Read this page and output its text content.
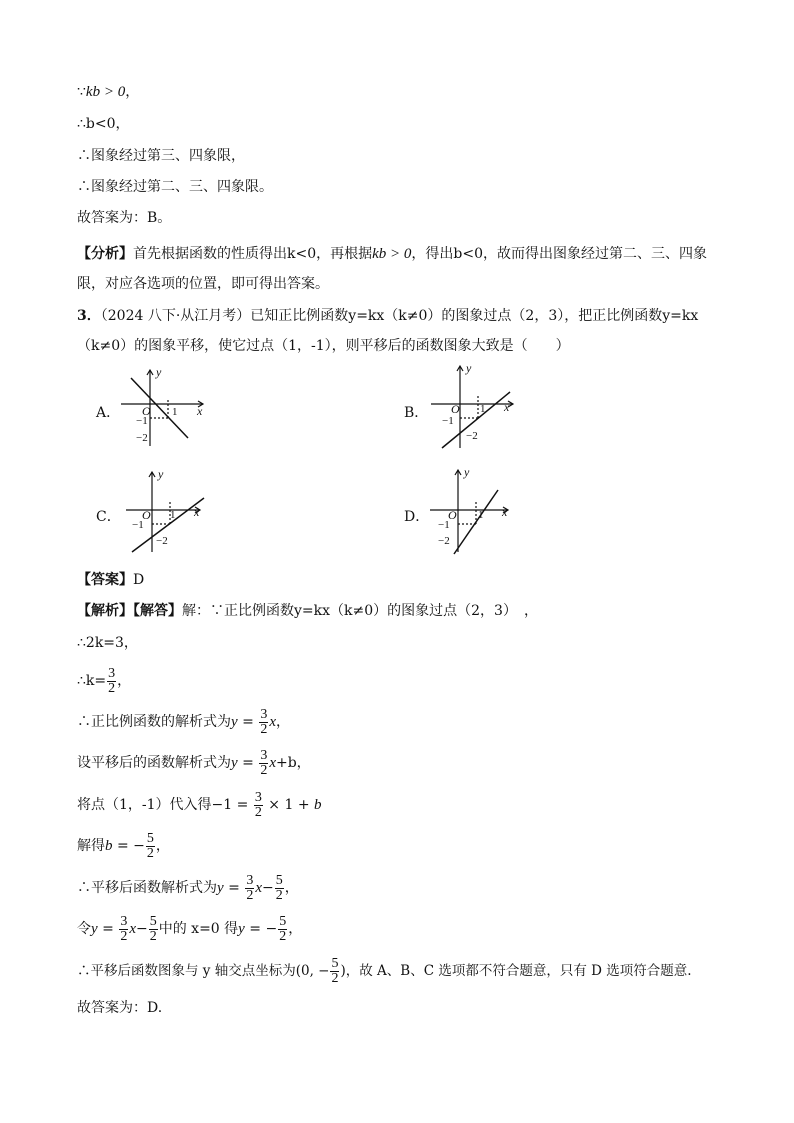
∵kb > 0，
∴b<0，
∴图象经过第三、四象限，
∴图象经过第二、三、四象限。
故答案为：B。
【分析】首先根据函数的性质得出k<0，再根据kb > 0，得出b<0，故而得出图象经过第二、三、四象限，对应各选项的位置，即可得出答案。
3．（2024 八下·从江月考）已知正比例函数y=kx（k≠0）的图象过点（2，3），把正比例函数y=kx（k≠0）的图象平移，使它过点（1，-1），则平移后的函数图象大致是（　　）
A．
y
x
O 1
−1
−2
B．
y
x
O 1
−1
−2
C．
y
x
O 1
−1
−2
D．
y
x
O 1
−1
−2
【答案】D
【解析】【解答】解：∵正比例函数y=kx（k≠0）的图象过点（2，3）　，
∴2k=3，
∴k= $\frac{3}{2}$ ，
∴正比例函数的解析式为$y = \frac{3}{2}$ x，
设平移后的函数解析式为$y = \frac{3}{2} x+b$，
将点（1，-1）代入得$-1 = \frac{3}{2} \times 1 + b$
解得b = − $\frac{5}{2}$ ，
∴平移后函数解析式为$y = \frac{3}{2} x- \frac{5}{2}$ ，
令$y = \frac{3}{2} x- \frac{5}{2}$ 中的 x=0 得y = − $\frac{5}{2}$ ，
∴平移后函数图象与 y 轴交点坐标为(0, − $\frac{5}{2}$ )，故 A、B、C 选项都不符合题意，只有 D 选项符合题意.
故答案为：D.
